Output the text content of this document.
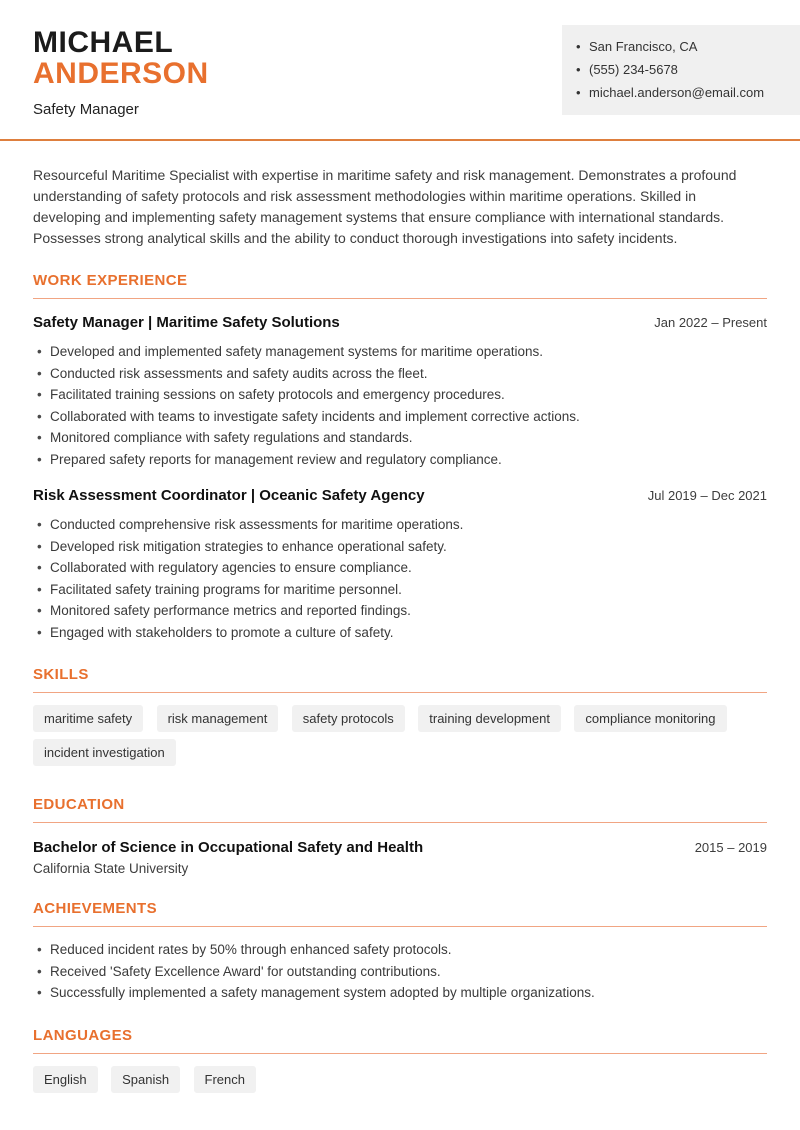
MICHAEL
ANDERSON
Safety Manager
• San Francisco, CA
• (555) 234-5678
• michael.anderson@email.com

Resourceful Maritime Specialist with expertise in maritime safety and risk management. Demonstrates a profound understanding of safety protocols and risk assessment methodologies within maritime operations. Skilled in developing and implementing safety management systems that ensure compliance with international standards. Possesses strong analytical skills and the ability to conduct thorough investigations into safety incidents.

WORK EXPERIENCE
Safety Manager | Maritime Safety Solutions	Jan 2022 – Present
• Developed and implemented safety management systems for maritime operations.
• Conducted risk assessments and safety audits across the fleet.
• Facilitated training sessions on safety protocols and emergency procedures.
• Collaborated with teams to investigate safety incidents and implement corrective actions.
• Monitored compliance with safety regulations and standards.
• Prepared safety reports for management review and regulatory compliance.
Risk Assessment Coordinator | Oceanic Safety Agency	Jul 2019 – Dec 2021
• Conducted comprehensive risk assessments for maritime operations.
• Developed risk mitigation strategies to enhance operational safety.
• Collaborated with regulatory agencies to ensure compliance.
• Facilitated safety training programs for maritime personnel.
• Monitored safety performance metrics and reported findings.
• Engaged with stakeholders to promote a culture of safety.
SKILLS
maritime safety	risk management	safety protocols	training development	compliance monitoring incident investigation
EDUCATION
Bachelor of Science in Occupational Safety and Health	2015 – 2019
California State University
ACHIEVEMENTS
• Reduced incident rates by 50% through enhanced safety protocols.
• Received 'Safety Excellence Award' for outstanding contributions.
• Successfully implemented a safety management system adopted by multiple organizations.
LANGUAGES
English	Spanish	French
